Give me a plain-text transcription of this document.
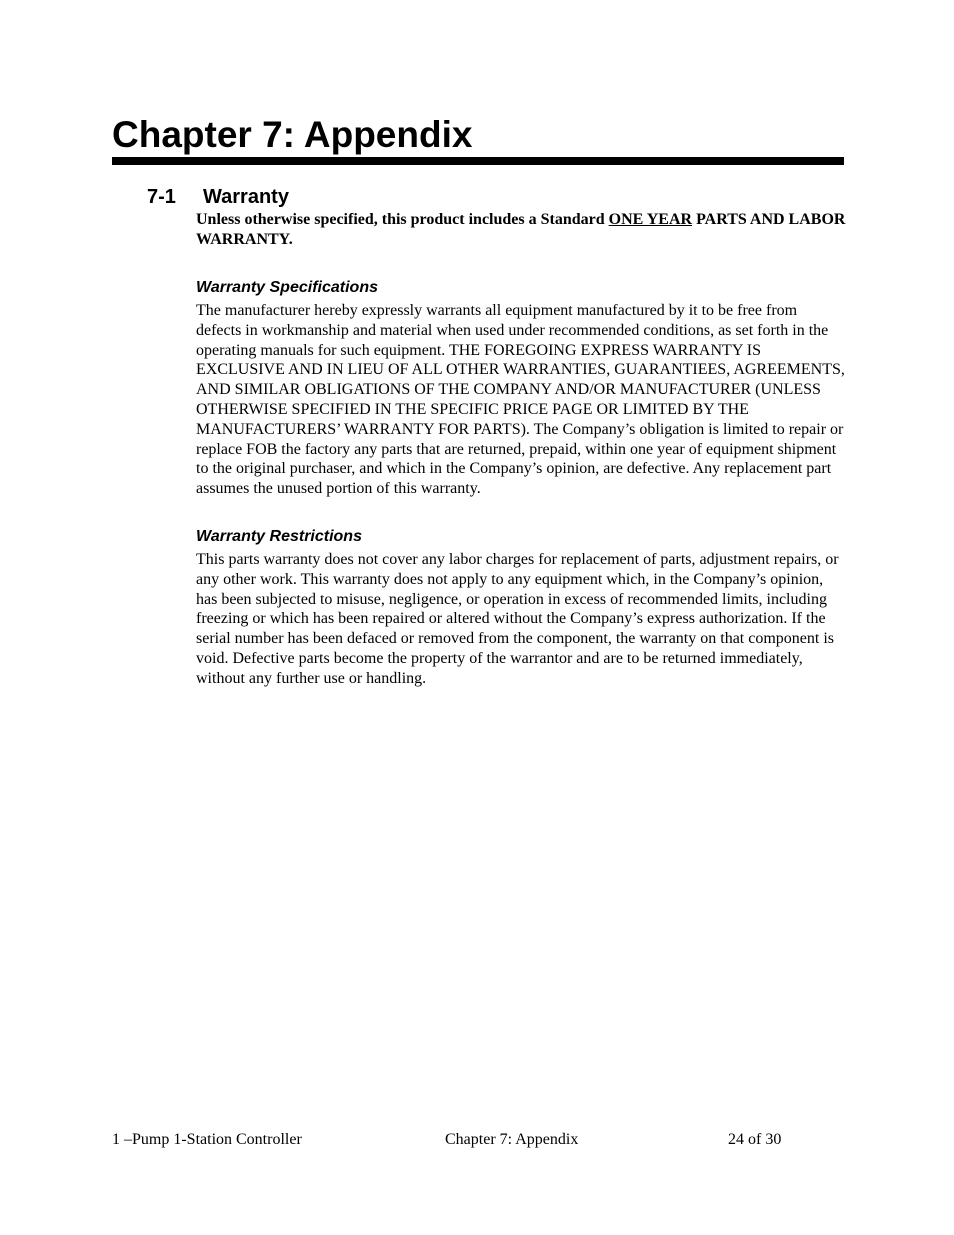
Chapter 7: Appendix
7-1 Warranty

Unless otherwise specified, this product includes a Standard ONE YEAR PARTS AND LABOR WARRANTY.

Warranty Specifications

The manufacturer hereby expressly warrants all equipment manufactured by it to be free from defects in workmanship and material when used under recommended conditions, as set forth in the operating manuals for such equipment. THE FOREGOING EXPRESS WARRANTY IS EXCLUSIVE AND IN LIEU OF ALL OTHER WARRANTIES, GUARANTIEES, AGREEMENTS, AND SIMILAR OBLIGATIONS OF THE COMPANY AND/OR MANUFACTURER (UNLESS OTHERWISE SPECIFIED IN THE SPECIFIC PRICE PAGE OR LIMITED BY THE MANUFACTURERS’ WARRANTY FOR PARTS). The Company’s obligation is limited to repair or replace FOB the factory any parts that are returned, prepaid, within one year of equipment shipment to the original purchaser, and which in the Company’s opinion, are defective. Any replacement part assumes the unused portion of this warranty.

Warranty Restrictions

This parts warranty does not cover any labor charges for replacement of parts, adjustment repairs, or any other work. This warranty does not apply to any equipment which, in the Company’s opinion, has been subjected to misuse, negligence, or operation in excess of recommended limits, including freezing or which has been repaired or altered without the Company’s express authorization. If the serial number has been defaced or removed from the component, the warranty on that component is void. Defective parts become the property of the warrantor and are to be returned immediately, without any further use or handling.

1 –Pump 1-Station Controller	Chapter 7: Appendix	24 of 30
